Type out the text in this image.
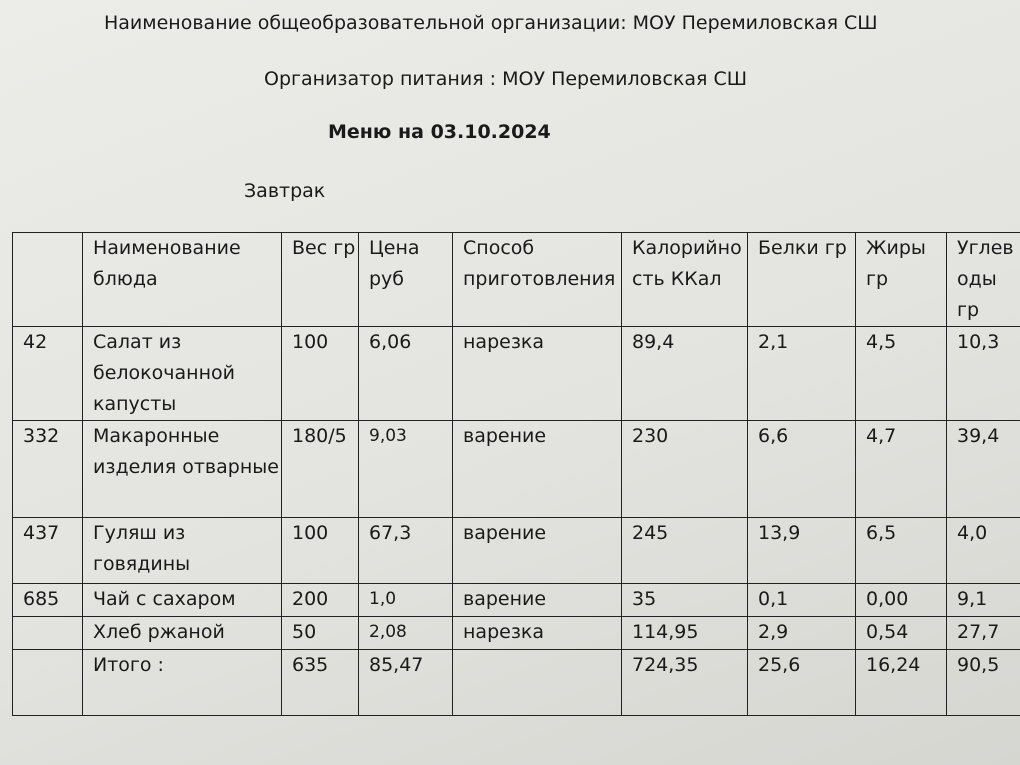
Наименование общеобразовательной организации: МОУ Перемиловская СШ
Организатор питания : МОУ Перемиловская СШ
Меню на 03.10.2024
Завтрак
	Наименование блюда	Вес гр	Цена руб	Способ приготовления	Калорийность ККал	Белки гр	Жиры гр	Углеводы гр
42	Салат из белокочанной капусты	100	6,06	нарезка	89,4	2,1	4,5	10,3
332	Макаронные изделия отварные	180/5	9,03	варение	230	6,6	4,7	39,4
437	Гуляш из говядины	100	67,3	варение	245	13,9	6,5	4,0
685	Чай с сахаром	200	1,0	варение	35	0,1	0,00	9,1
	Хлеб ржаной	50	2,08	нарезка	114,95	2,9	0,54	27,7
	Итого :	635	85,47		724,35	25,6	16,24	90,5
